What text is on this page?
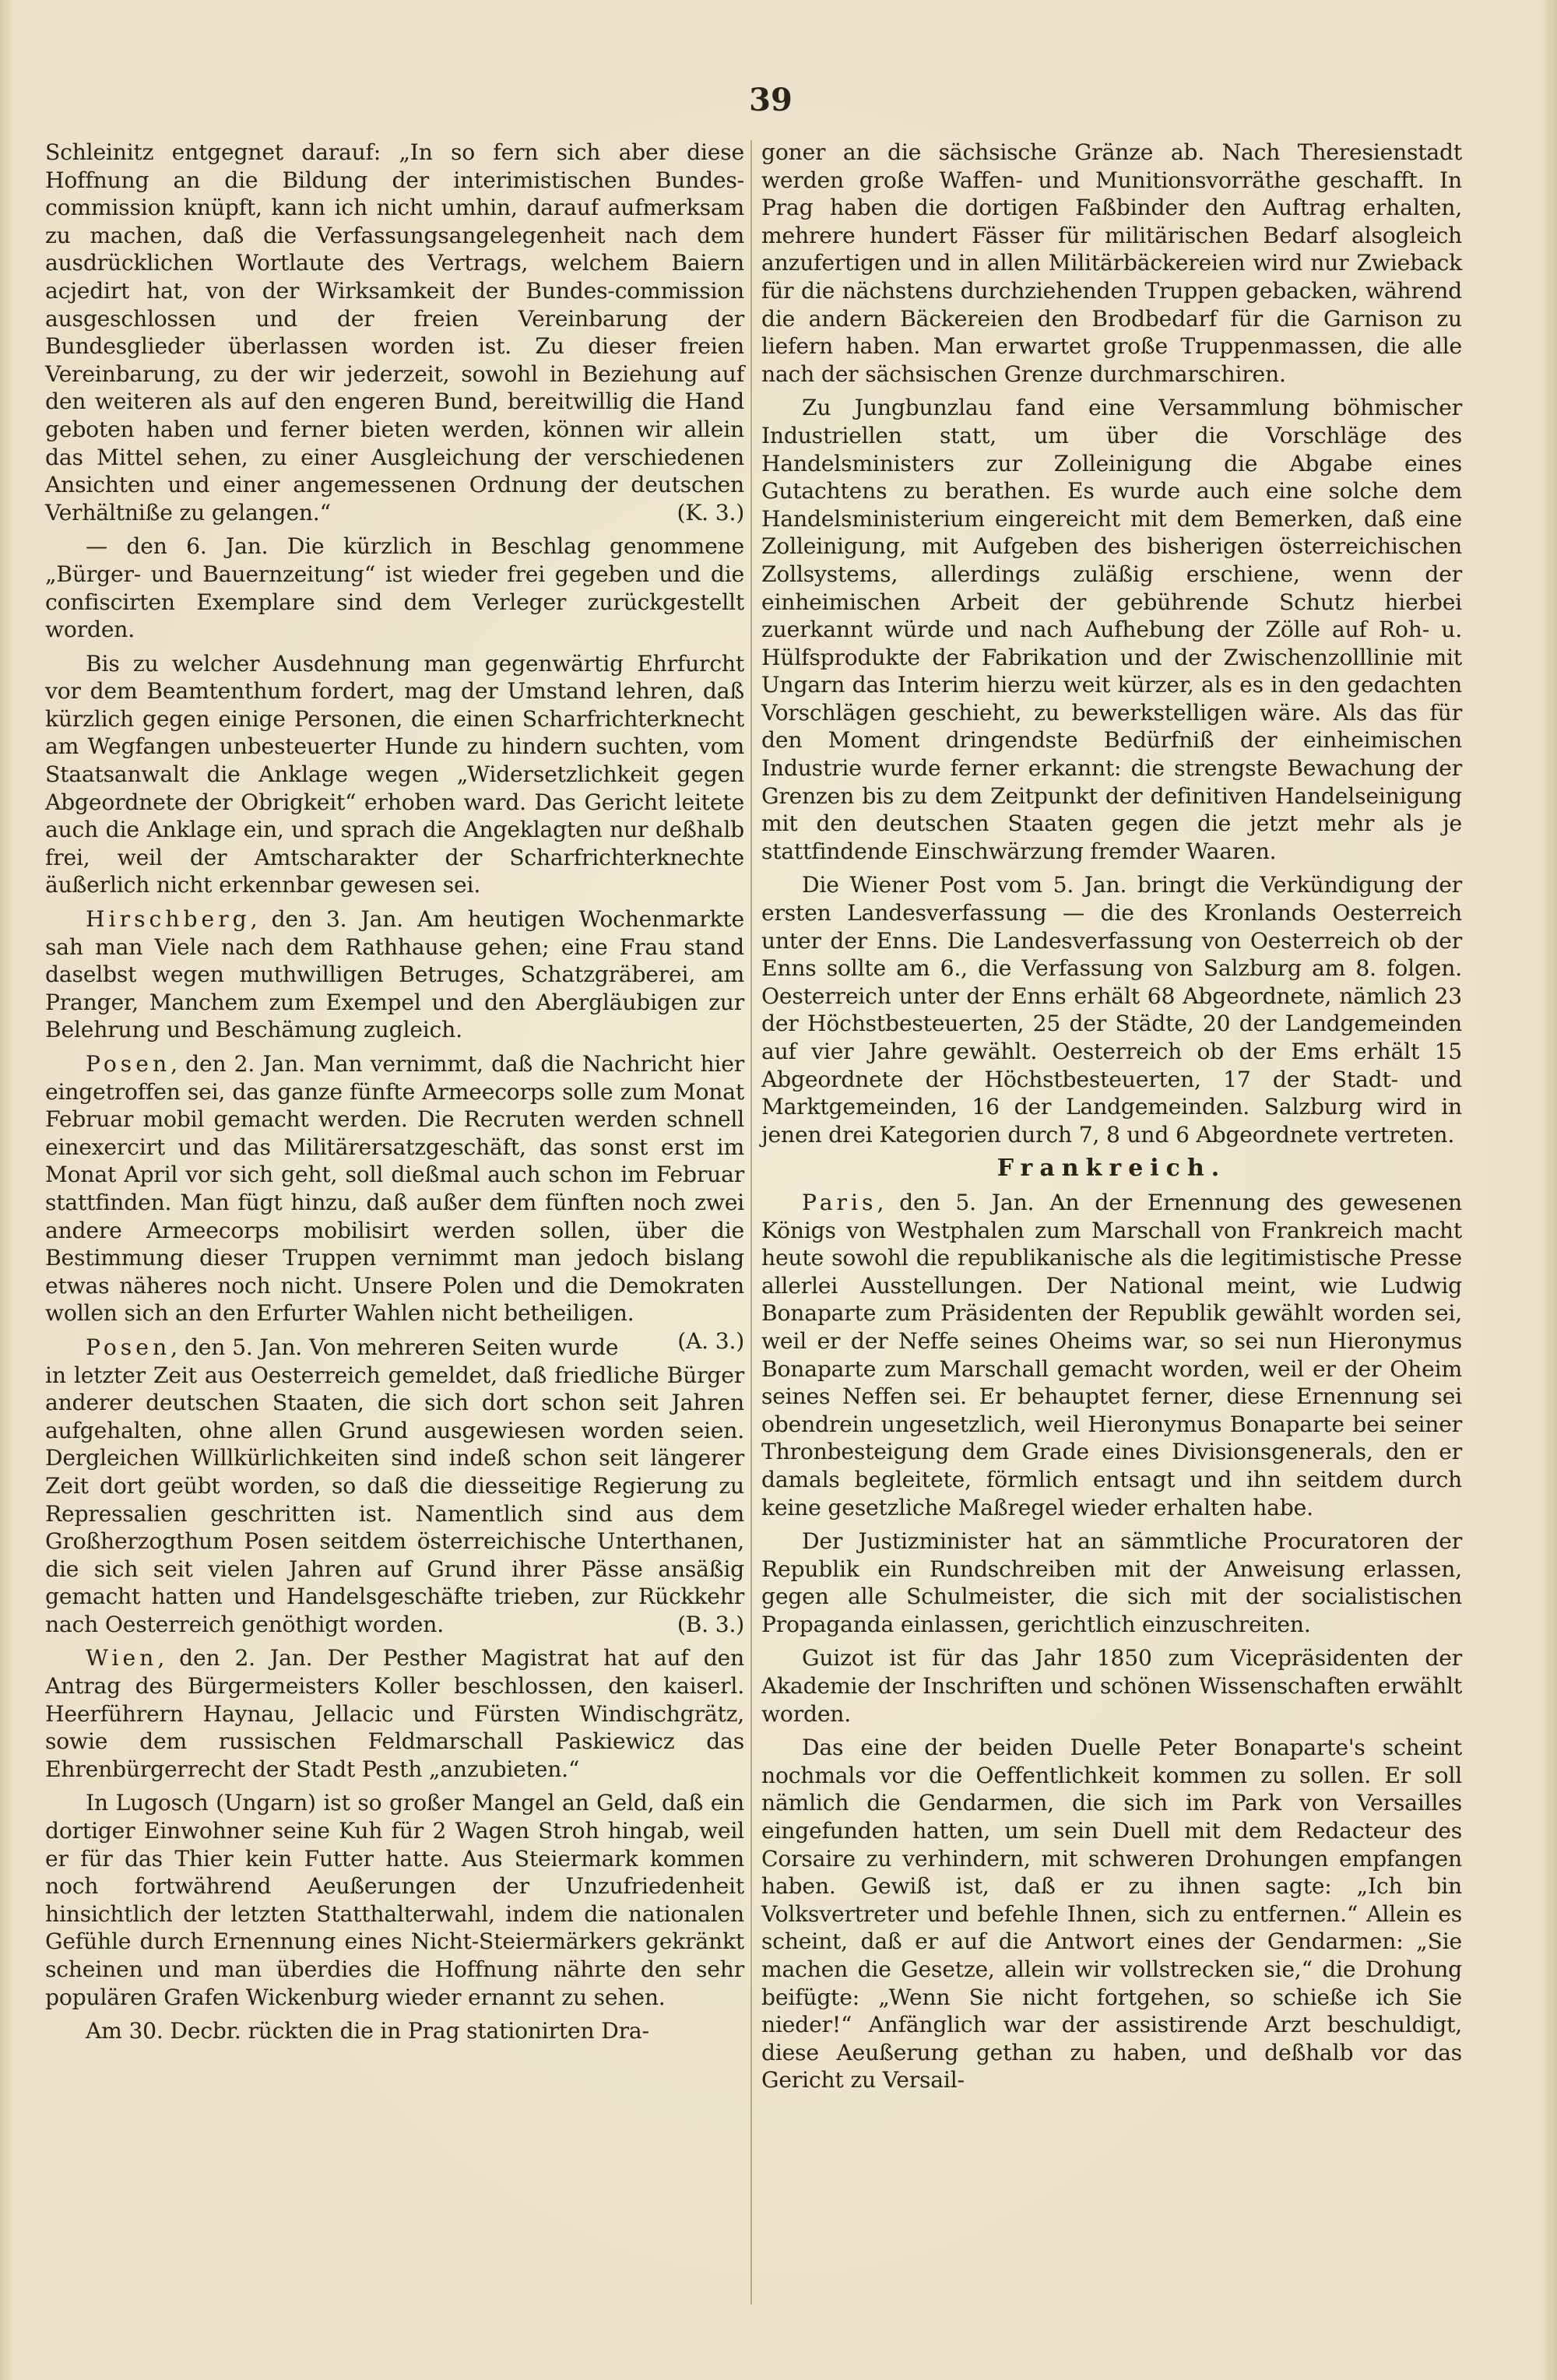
39

Schleinitz entgegnet darauf: „In so fern sich aber diese Hoffnung an die Bildung der interimistischen Bundes-commission knüpft, kann ich nicht umhin, darauf aufmerksam zu machen, daß die Verfassungsangelegenheit nach dem ausdrücklichen Wortlaute des Vertrags, welchem Baiern acjedirt hat, von der Wirksamkeit der Bundes-commission ausgeschlossen und der freien Vereinbarung der Bundesglieder überlassen worden ist. Zu dieser freien Vereinbarung, zu der wir jederzeit, sowohl in Beziehung auf den weiteren als auf den engeren Bund, bereitwillig die Hand geboten haben und ferner bieten werden, können wir allein das Mittel sehen, zu einer Ausgleichung der verschiedenen Ansichten und einer angemessenen Ordnung der deutschen Verhältniße zu gelangen.“	(K. 3.)

— den 6. Jan. Die kürzlich in Beschlag genommene „Bürger- und Bauernzeitung“ ist wieder frei gegeben und die confiscirten Exemplare sind dem Verleger zurückgestellt worden.

Bis zu welcher Ausdehnung man gegenwärtig Ehrfurcht vor dem Beamtenthum fordert, mag der Umstand lehren, daß kürzlich gegen einige Personen, die einen Scharfrichterknecht am Wegfangen unbesteuerter Hunde zu hindern suchten, vom Staatsanwalt die Anklage wegen „Widersetzlichkeit gegen Abgeordnete der Obrigkeit“ erhoben ward. Das Gericht leitete auch die Anklage ein, und sprach die Angeklagten nur deßhalb frei, weil der Amtscharakter der Scharfrichterknechte äußerlich nicht erkennbar gewesen sei.

Hirschberg, den 3. Jan. Am heutigen Wochenmarkte sah man Viele nach dem Rathhause gehen; eine Frau stand daselbst wegen muthwilligen Betruges, Schatzgräberei, am Pranger, Manchem zum Exempel und den Abergläubigen zur Belehrung und Beschämung zugleich.

Posen, den 2. Jan. Man vernimmt, daß die Nachricht hier eingetroffen sei, das ganze fünfte Armeecorps solle zum Monat Februar mobil gemacht werden. Die Recruten werden schnell einexercirt und das Militärersatzgeschäft, das sonst erst im Monat April vor sich geht, soll dießmal auch schon im Februar stattfinden. Man fügt hinzu, daß außer dem fünften noch zwei andere Armeecorps mobilisirt werden sollen, über die Bestimmung dieser Truppen vernimmt man jedoch bislang etwas näheres noch nicht. Unsere Polen und die Demokraten wollen sich an den Erfurter Wahlen nicht betheiligen.
(A. 3.)

Posen, den 5. Jan. Von mehreren Seiten wurde in letzter Zeit aus Oesterreich gemeldet, daß friedliche Bürger anderer deutschen Staaten, die sich dort schon seit Jahren aufgehalten, ohne allen Grund ausgewiesen worden seien. Dergleichen Willkürlichkeiten sind indeß schon seit längerer Zeit dort geübt worden, so daß die diesseitige Regierung zu Repressalien geschritten ist. Namentlich sind aus dem Großherzogthum Posen seitdem österreichische Unterthanen, die sich seit vielen Jahren auf Grund ihrer Pässe ansäßig gemacht hatten und Handelsgeschäfte trieben, zur Rückkehr nach Oesterreich genöthigt worden.	(B. 3.)

Wien, den 2. Jan. Der Pesther Magistrat hat auf den Antrag des Bürgermeisters Koller beschlossen, den kaiserl. Heerführern Haynau, Jellacic und Fürsten Windischgrätz, sowie dem russischen Feldmarschall Paskiewicz das Ehrenbürgerrecht der Stadt Pesth „anzubieten.“

In Lugosch (Ungarn) ist so großer Mangel an Geld, daß ein dortiger Einwohner seine Kuh für 2 Wagen Stroh hingab, weil er für das Thier kein Futter hatte. Aus Steiermark kommen noch fortwährend Aeußerungen der Unzufriedenheit hinsichtlich der letzten Statthalterwahl, indem die nationalen Gefühle durch Ernennung eines Nicht-Steiermärkers gekränkt scheinen und man überdies die Hoffnung nährte den sehr populären Grafen Wickenburg wieder ernannt zu sehen.

Am 30. Decbr. rückten die in Prag stationirten Dra-

goner an die sächsische Gränze ab. Nach Theresienstadt werden große Waffen- und Munitionsvorräthe geschafft. In Prag haben die dortigen Faßbinder den Auftrag erhalten, mehrere hundert Fässer für militärischen Bedarf alsogleich anzufertigen und in allen Militärbäckereien wird nur Zwieback für die nächstens durchziehenden Truppen gebacken, während die andern Bäckereien den Brodbedarf für die Garnison zu liefern haben. Man erwartet große Truppenmassen, die alle nach der sächsischen Grenze durchmarschiren.

Zu Jungbunzlau fand eine Versammlung böhmischer Industriellen statt, um über die Vorschläge des Handelsministers zur Zolleinigung die Abgabe eines Gutachtens zu berathen. Es wurde auch eine solche dem Handelsministerium eingereicht mit dem Bemerken, daß eine Zolleinigung, mit Aufgeben des bisherigen österreichischen Zollsystems, allerdings zuläßig erschiene, wenn der einheimischen Arbeit der gebührende Schutz hierbei zuerkannt würde und nach Aufhebung der Zölle auf Roh- u. Hülfsprodukte der Fabrikation und der Zwischenzolllinie mit Ungarn das Interim hierzu weit kürzer, als es in den gedachten Vorschlägen geschieht, zu bewerkstelligen wäre. Als das für den Moment dringendste Bedürfniß der einheimischen Industrie wurde ferner erkannt: die strengste Bewachung der Grenzen bis zu dem Zeitpunkt der definitiven Handelseinigung mit den deutschen Staaten gegen die jetzt mehr als je stattfindende Einschwärzung fremder Waaren.

Die Wiener Post vom 5. Jan. bringt die Verkündigung der ersten Landesverfassung — die des Kronlands Oesterreich unter der Enns. Die Landesverfassung von Oesterreich ob der Enns sollte am 6., die Verfassung von Salzburg am 8. folgen. Oesterreich unter der Enns erhält 68 Abgeordnete, nämlich 23 der Höchstbesteuerten, 25 der Städte, 20 der Landgemeinden auf vier Jahre gewählt. Oesterreich ob der Ems erhält 15 Abgeordnete der Höchstbesteuerten, 17 der Stadt- und Marktgemeinden, 16 der Landgemeinden. Salzburg wird in jenen drei Kategorien durch 7, 8 und 6 Abgeordnete vertreten.

Frankreich.

Paris, den 5. Jan. An der Ernennung des gewesenen Königs von Westphalen zum Marschall von Frankreich macht heute sowohl die republikanische als die legitimistische Presse allerlei Ausstellungen. Der National meint, wie Ludwig Bonaparte zum Präsidenten der Republik gewählt worden sei, weil er der Neffe seines Oheims war, so sei nun Hieronymus Bonaparte zum Marschall gemacht worden, weil er der Oheim seines Neffen sei. Er behauptet ferner, diese Ernennung sei obendrein ungesetzlich, weil Hieronymus Bonaparte bei seiner Thronbesteigung dem Grade eines Divisionsgenerals, den er damals begleitete, förmlich entsagt und ihn seitdem durch keine gesetzliche Maßregel wieder erhalten habe.

Der Justizminister hat an sämmtliche Procuratoren der Republik ein Rundschreiben mit der Anweisung erlassen, gegen alle Schulmeister, die sich mit der socialistischen Propaganda einlassen, gerichtlich einzuschreiten.

Guizot ist für das Jahr 1850 zum Vicepräsidenten der Akademie der Inschriften und schönen Wissenschaften erwählt worden.

Das eine der beiden Duelle Peter Bonaparte's scheint nochmals vor die Oeffentlichkeit kommen zu sollen. Er soll nämlich die Gendarmen, die sich im Park von Versailles eingefunden hatten, um sein Duell mit dem Redacteur des Corsaire zu verhindern, mit schweren Drohungen empfangen haben. Gewiß ist, daß er zu ihnen sagte: „Ich bin Volksvertreter und befehle Ihnen, sich zu entfernen.“ Allein es scheint, daß er auf die Antwort eines der Gendarmen: „Sie machen die Gesetze, allein wir vollstrecken sie,“ die Drohung beifügte: „Wenn Sie nicht fortgehen, so schieße ich Sie nieder!“ Anfänglich war der assistirende Arzt beschuldigt, diese Aeußerung gethan zu haben, und deßhalb vor das Gericht zu Versail-
